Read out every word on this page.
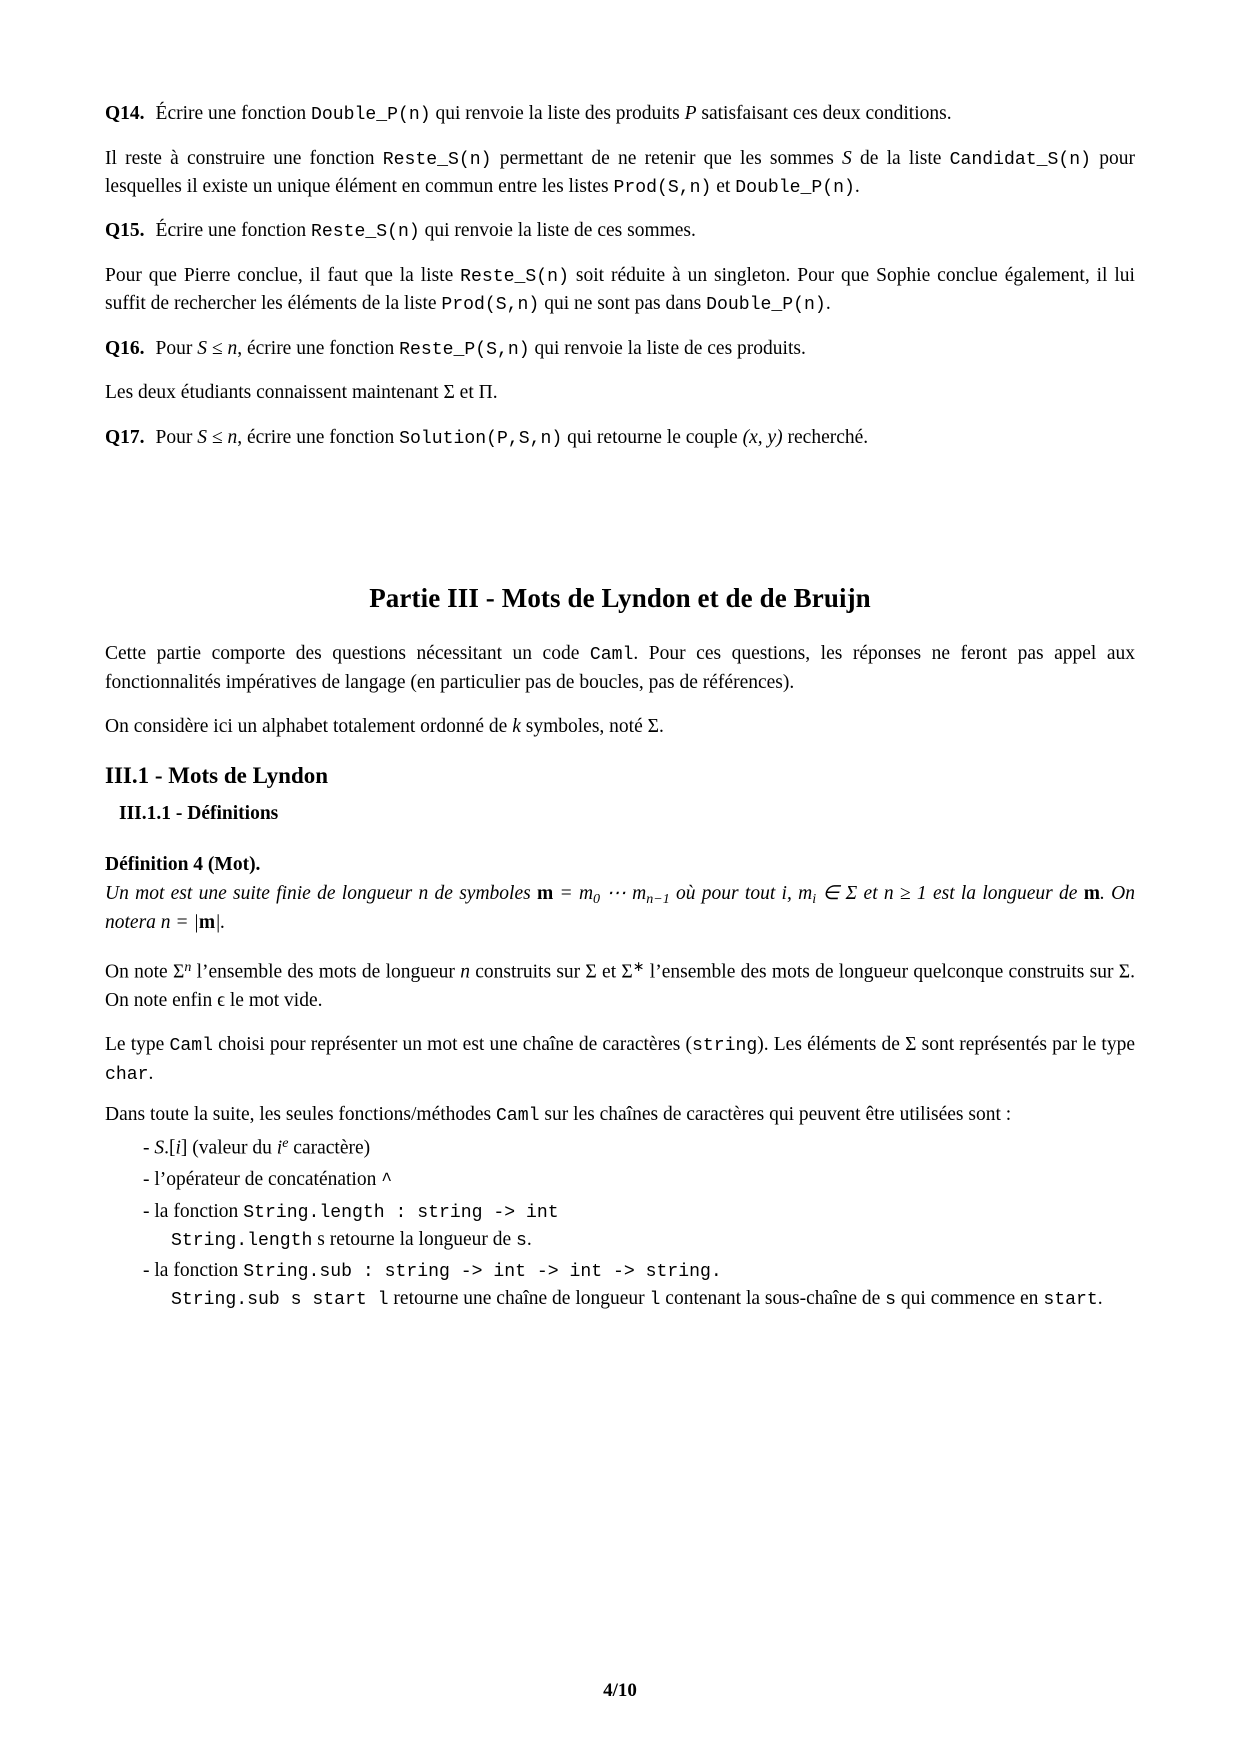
Q14. Écrire une fonction Double_P(n) qui renvoie la liste des produits P satisfaisant ces deux conditions.

Il reste à construire une fonction Reste_S(n) permettant de ne retenir que les sommes S de la liste Candidat_S(n) pour lesquelles il existe un unique élément en commun entre les listes Prod(S,n) et Double_P(n).

Q15. Écrire une fonction Reste_S(n) qui renvoie la liste de ces sommes.

Pour que Pierre conclue, il faut que la liste Reste_S(n) soit réduite à un singleton. Pour que Sophie conclue également, il lui suffit de rechercher les éléments de la liste Prod(S,n) qui ne sont pas dans Double_P(n).

Q16. Pour S ≤ n, écrire une fonction Reste_P(S,n) qui renvoie la liste de ces produits.

Les deux étudiants connaissent maintenant Σ et Π.

Q17. Pour S ≤ n, écrire une fonction Solution(P,S,n) qui retourne le couple (x, y) recherché.
Partie III - Mots de Lyndon et de de Bruijn

Cette partie comporte des questions nécessitant un code Caml. Pour ces questions, les réponses ne feront pas appel aux fonctionnalités impératives de langage (en particulier pas de boucles, pas de références).

On considère ici un alphabet totalement ordonné de k symboles, noté Σ.

III.1 - Mots de Lyndon
III.1.1 - Définitions
Définition 4 (Mot).
Un mot est une suite finie de longueur n de symboles $m = m_0$ ⋯ $m_{n-1}$ où pour tout i, $m_i$ ∈ Σ et n ≥ 1 est la longueur de m. On notera n = |m|.

On note $\Sigma^n$ l’ensemble des mots de longueur n construits sur Σ et Σ∗ l’ensemble des mots de longueur quelconque construits sur Σ. On note enfin ϵ le mot vide.

Le type Caml choisi pour représenter un mot est une chaîne de caractères (string). Les éléments de Σ sont représentés par le type char.

Dans toute la suite, les seules fonctions/méthodes Caml sur les chaînes de caractères qui peuvent être utilisées sont :

- S.[i] (valeur du $i^e$ caractère)
- l’opérateur de concaténation ^
- la fonction String.length : string -> int
String.length s retourne la longueur de s.
- la fonction String.sub : string -> int -> int -> string.
String.sub s start l retourne une chaîne de longueur l contenant la sous-chaîne de s qui commence en start.
4/10
